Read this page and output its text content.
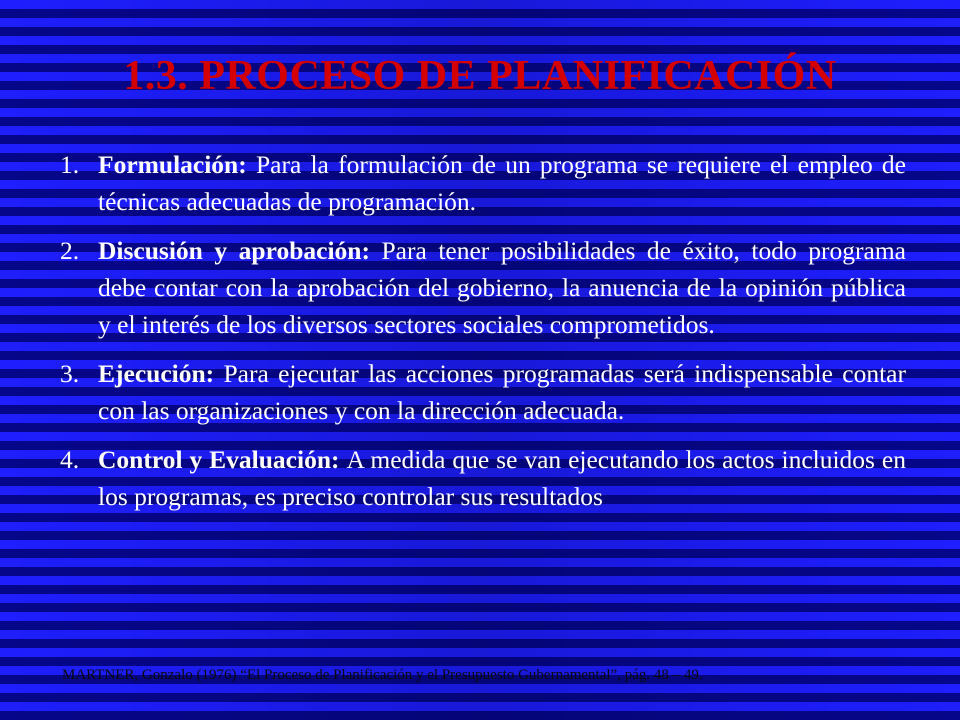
1.3. PROCESO DE PLANIFICACIÓN
1. Formulación: Para la formulación de un programa se requiere el empleo de técnicas adecuadas de programación.
2. Discusión y aprobación: Para tener posibilidades de éxito, todo programa debe contar con la aprobación del gobierno, la anuencia de la opinión pública y el interés de los diversos sectores sociales comprometidos.
3. Ejecución: Para ejecutar las acciones programadas será indispensable contar con las organizaciones y con la dirección adecuada.
4. Control y Evaluación: A medida que se van ejecutando los actos incluidos en los programas, es preciso controlar sus resultados
MARTNER, Gonzalo (1976) “El Proceso de Planificación y el Presupuesto Gubernamental”, pág. 48 – 49.
